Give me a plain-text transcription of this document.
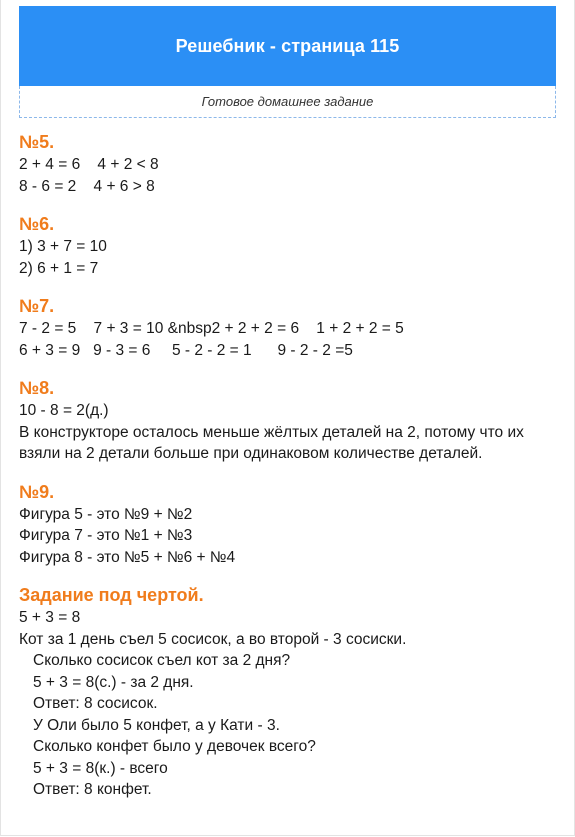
Решебник - страница 115
Готовое домашнее задание

№5.

2 + 4 = 6    4 + 2 < 8

8 - 6 = 2    4 + 6 > 8

№6.

1) 3 + 7 = 10

2) 6 + 1 = 7

№7.

7 - 2 = 5    7 + 3 = 10 &nbsp2 + 2 + 2 = 6    1 + 2 + 2 = 5

6 + 3 = 9   9 - 3 = 6     5 - 2 - 2 = 1      9 - 2 - 2 =5

№8.

10 - 8 = 2(д.)

В конструкторе осталось меньше жёлтых деталей на 2, потому что их взяли на 2 детали больше при одинаковом количестве деталей.

№9.

Фигура 5 - это №9 + №2

Фигура 7 - это №1 + №3

Фигура 8 - это №5 + №6 + №4

Задание под чертой.

5 + 3 = 8

Кот за 1 день съел 5 сосисок, а во второй - 3 сосиски.

Сколько сосисок съел кот за 2 дня?

5 + 3 = 8(с.) - за 2 дня.

Ответ: 8 сосисок.

У Оли было 5 конфет, а у Кати - 3.

Сколько конфет было у девочек всего?

5 + 3 = 8(к.) - всего

Ответ: 8 конфет.
